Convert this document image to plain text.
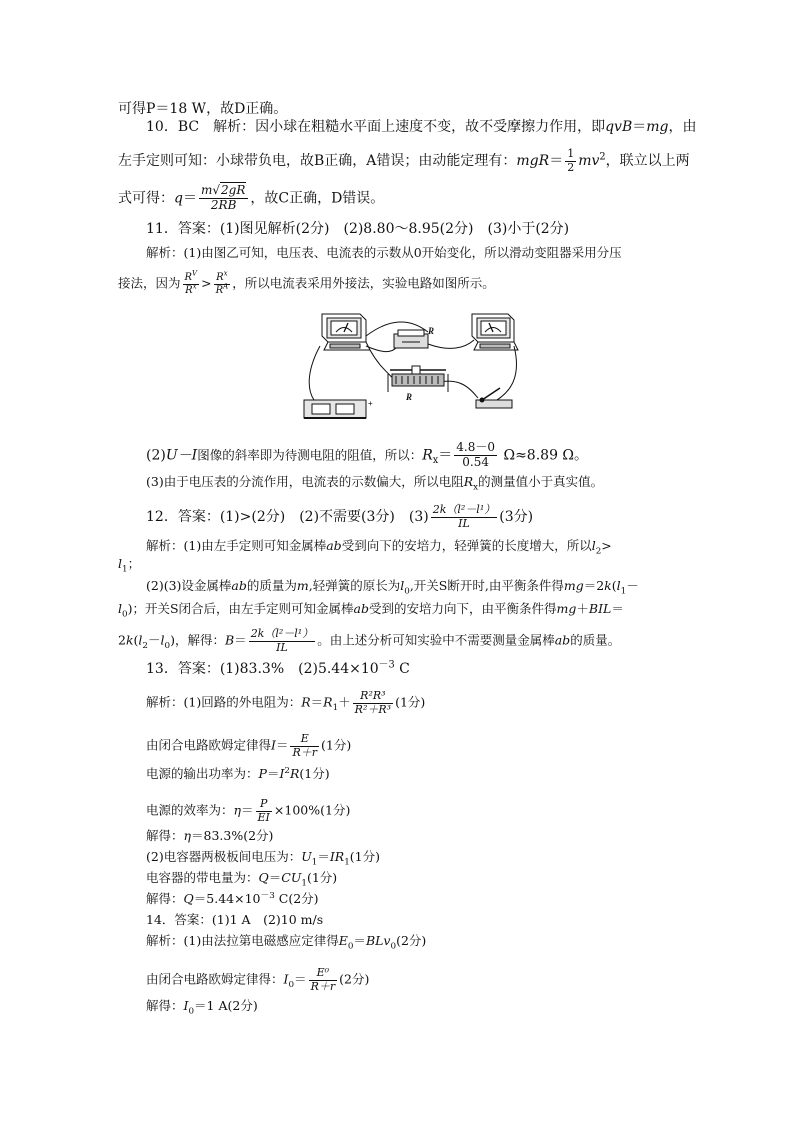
可得P＝18 W，故D正确。
10．BC　解析：因小球在粗糙水平面上速度不变，故不受摩擦力作用，即qvB＝mg，由
左手定则可知：小球带负电，故B正确，A错误；由动能定理有：$mgR= \frac{1}{2} mv^2$，联立以上两
式可得：$q= \frac{m√2gR}{2RB}$ ，故C正确，D错误。
11．答案：(1)图见解析(2分)　(2)8.80～8.95(2分)　(3)小于(2分)
解析：(1)由图乙可知，电压表、电流表的示数从0开始变化，所以滑动变阻器采用分压
接法，因为 $\frac{R^V}{R^x} > \frac{R^x}{R^A}$ ，所以电流表采用外接法，实验电路如图所示。
R
R
+
(2)U－I图像的斜率即为待测电阻的阻值，所以：$R_x= \frac{4.8-0}{0.54} \Omega\approx 8.89$ Ω。
(3)由于电压表的分流作用，电流表的示数偏大，所以电阻$R_x$的测量值小于真实值。
12．答案：(1)>(2分)　(2)不需要(3分)　$(3) \frac{\text{2k（l²－l¹）}}{IL} (3$分)
解析：(1)由左手定则可知金属棒ab受到向下的安培力，轻弹簧的长度增大，所以$l_2>$
$l_1$；
(2)(3)设金属棒ab的质量为m,轻弹簧的原长为$l_0$,开关S断开时,由平衡条件得$mg=2k(l_1-$
$l_0$)；开关S闭合后，由左手定则可知金属棒ab受到的安培力向下，由平衡条件得mg＋BIL＝
$2k(l_2-l_0)$，解得：$B= \frac{\text{2k（l²－l¹）}}{IL}$ 。由上述分析可知实验中不需要测量金属棒ab的质量。
13．答案：(1)83.3%　$(2)5.44\times 10^{-3}$ C
解析：(1)回路的外电阻为：$R=R_1+ \frac{\text{R²R³}}{\text{R²＋R³}} (1$分)
由闭合电路欧姆定律得$I= \frac{E}{R+r} (1$分)
电源的输出功率为：$P=I^2R(1$分)
电源的效率为：$\eta= \frac{P}{EI} \times 100\%(1$分)
解得：η＝83.3%(2分)
(2)电容器两极板间电压为：$U_1=IR_1(1$分)
电容器的带电量为：$Q=CU_1(1$分)
解得：$Q=5.44\times 10^{-3}$ C(2分)
14．答案：(1)1 A　(2)10 m/s
解析：(1)由法拉第电磁感应定律得$E_0=BLv_0(2$分)
由闭合电路欧姆定律得：$I_0= \frac{\text{E⁰}}{R+r} (2$分)
解得：$I_0=1$ A(2分)
